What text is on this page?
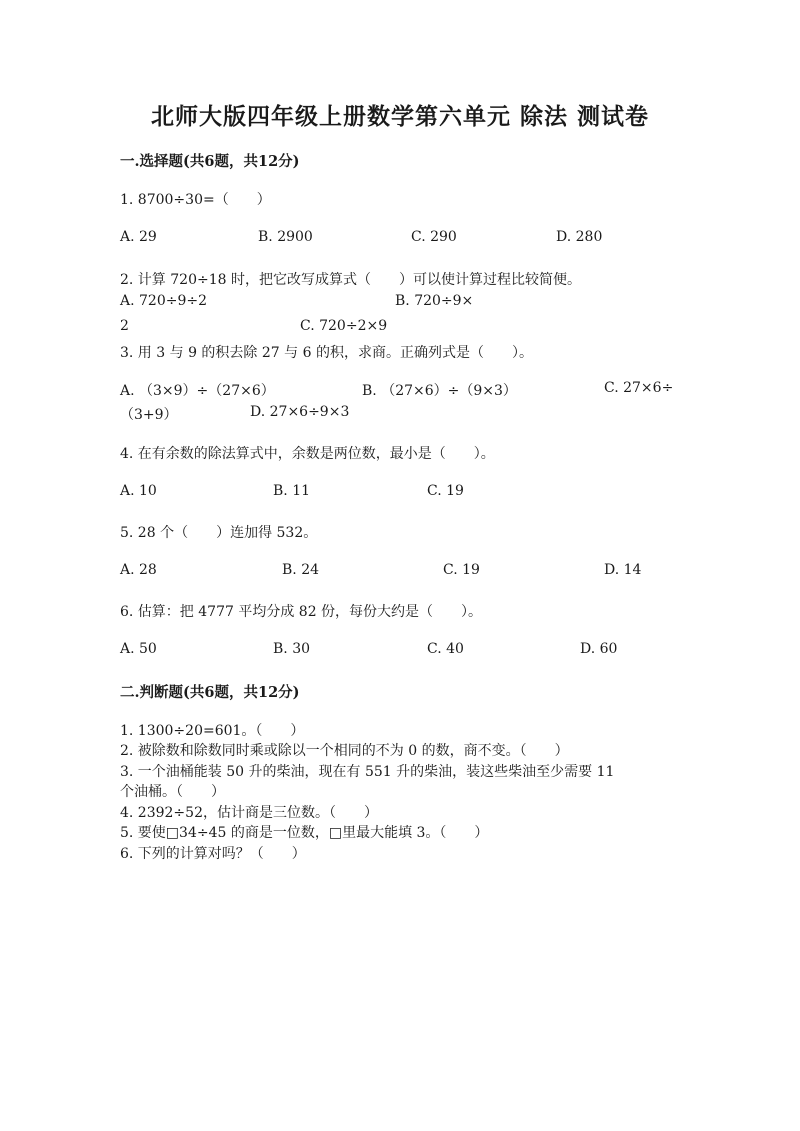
北师大版四年级上册数学第六单元 除法 测试卷
一.选择题(共6题，共12分)
1. 8700÷30=（　　）
A. 29	B. 2900	C. 290	D. 280
2. 计算 720÷18 时，把它改写成算式（　　）可以使计算过程比较简便。
A. 720÷9÷2	B. 720÷9×
2	C. 720÷2×9
3. 用 3 与 9 的积去除 27 与 6 的积，求商。正确列式是（　　）。
A. （3×9）÷（27×6）	B. （27×6）÷（9×3）	C. 27×6÷
（3+9）	D. 27×6÷9×3
4. 在有余数的除法算式中，余数是两位数，最小是（　　）。
A. 10	B. 11	C. 19
5. 28 个（　　）连加得 532。
A. 28	B. 24	C. 19	D. 14
6. 估算：把 4777 平均分成 82 份，每份大约是（　　）。
A. 50	B. 30	C. 40	D. 60
二.判断题(共6题，共12分)
1. 1300÷20=601。（　　）
2. 被除数和除数同时乘或除以一个相同的不为 0 的数，商不变。（　　）
3. 一个油桶能装 50 升的柴油，现在有 551 升的柴油，装这些柴油至少需要 11
个油桶。（　　）
4. 2392÷52，估计商是三位数。（　　）
5. 要使□34÷45 的商是一位数，□里最大能填 3。（　　）
6. 下列的计算对吗？（　　）
